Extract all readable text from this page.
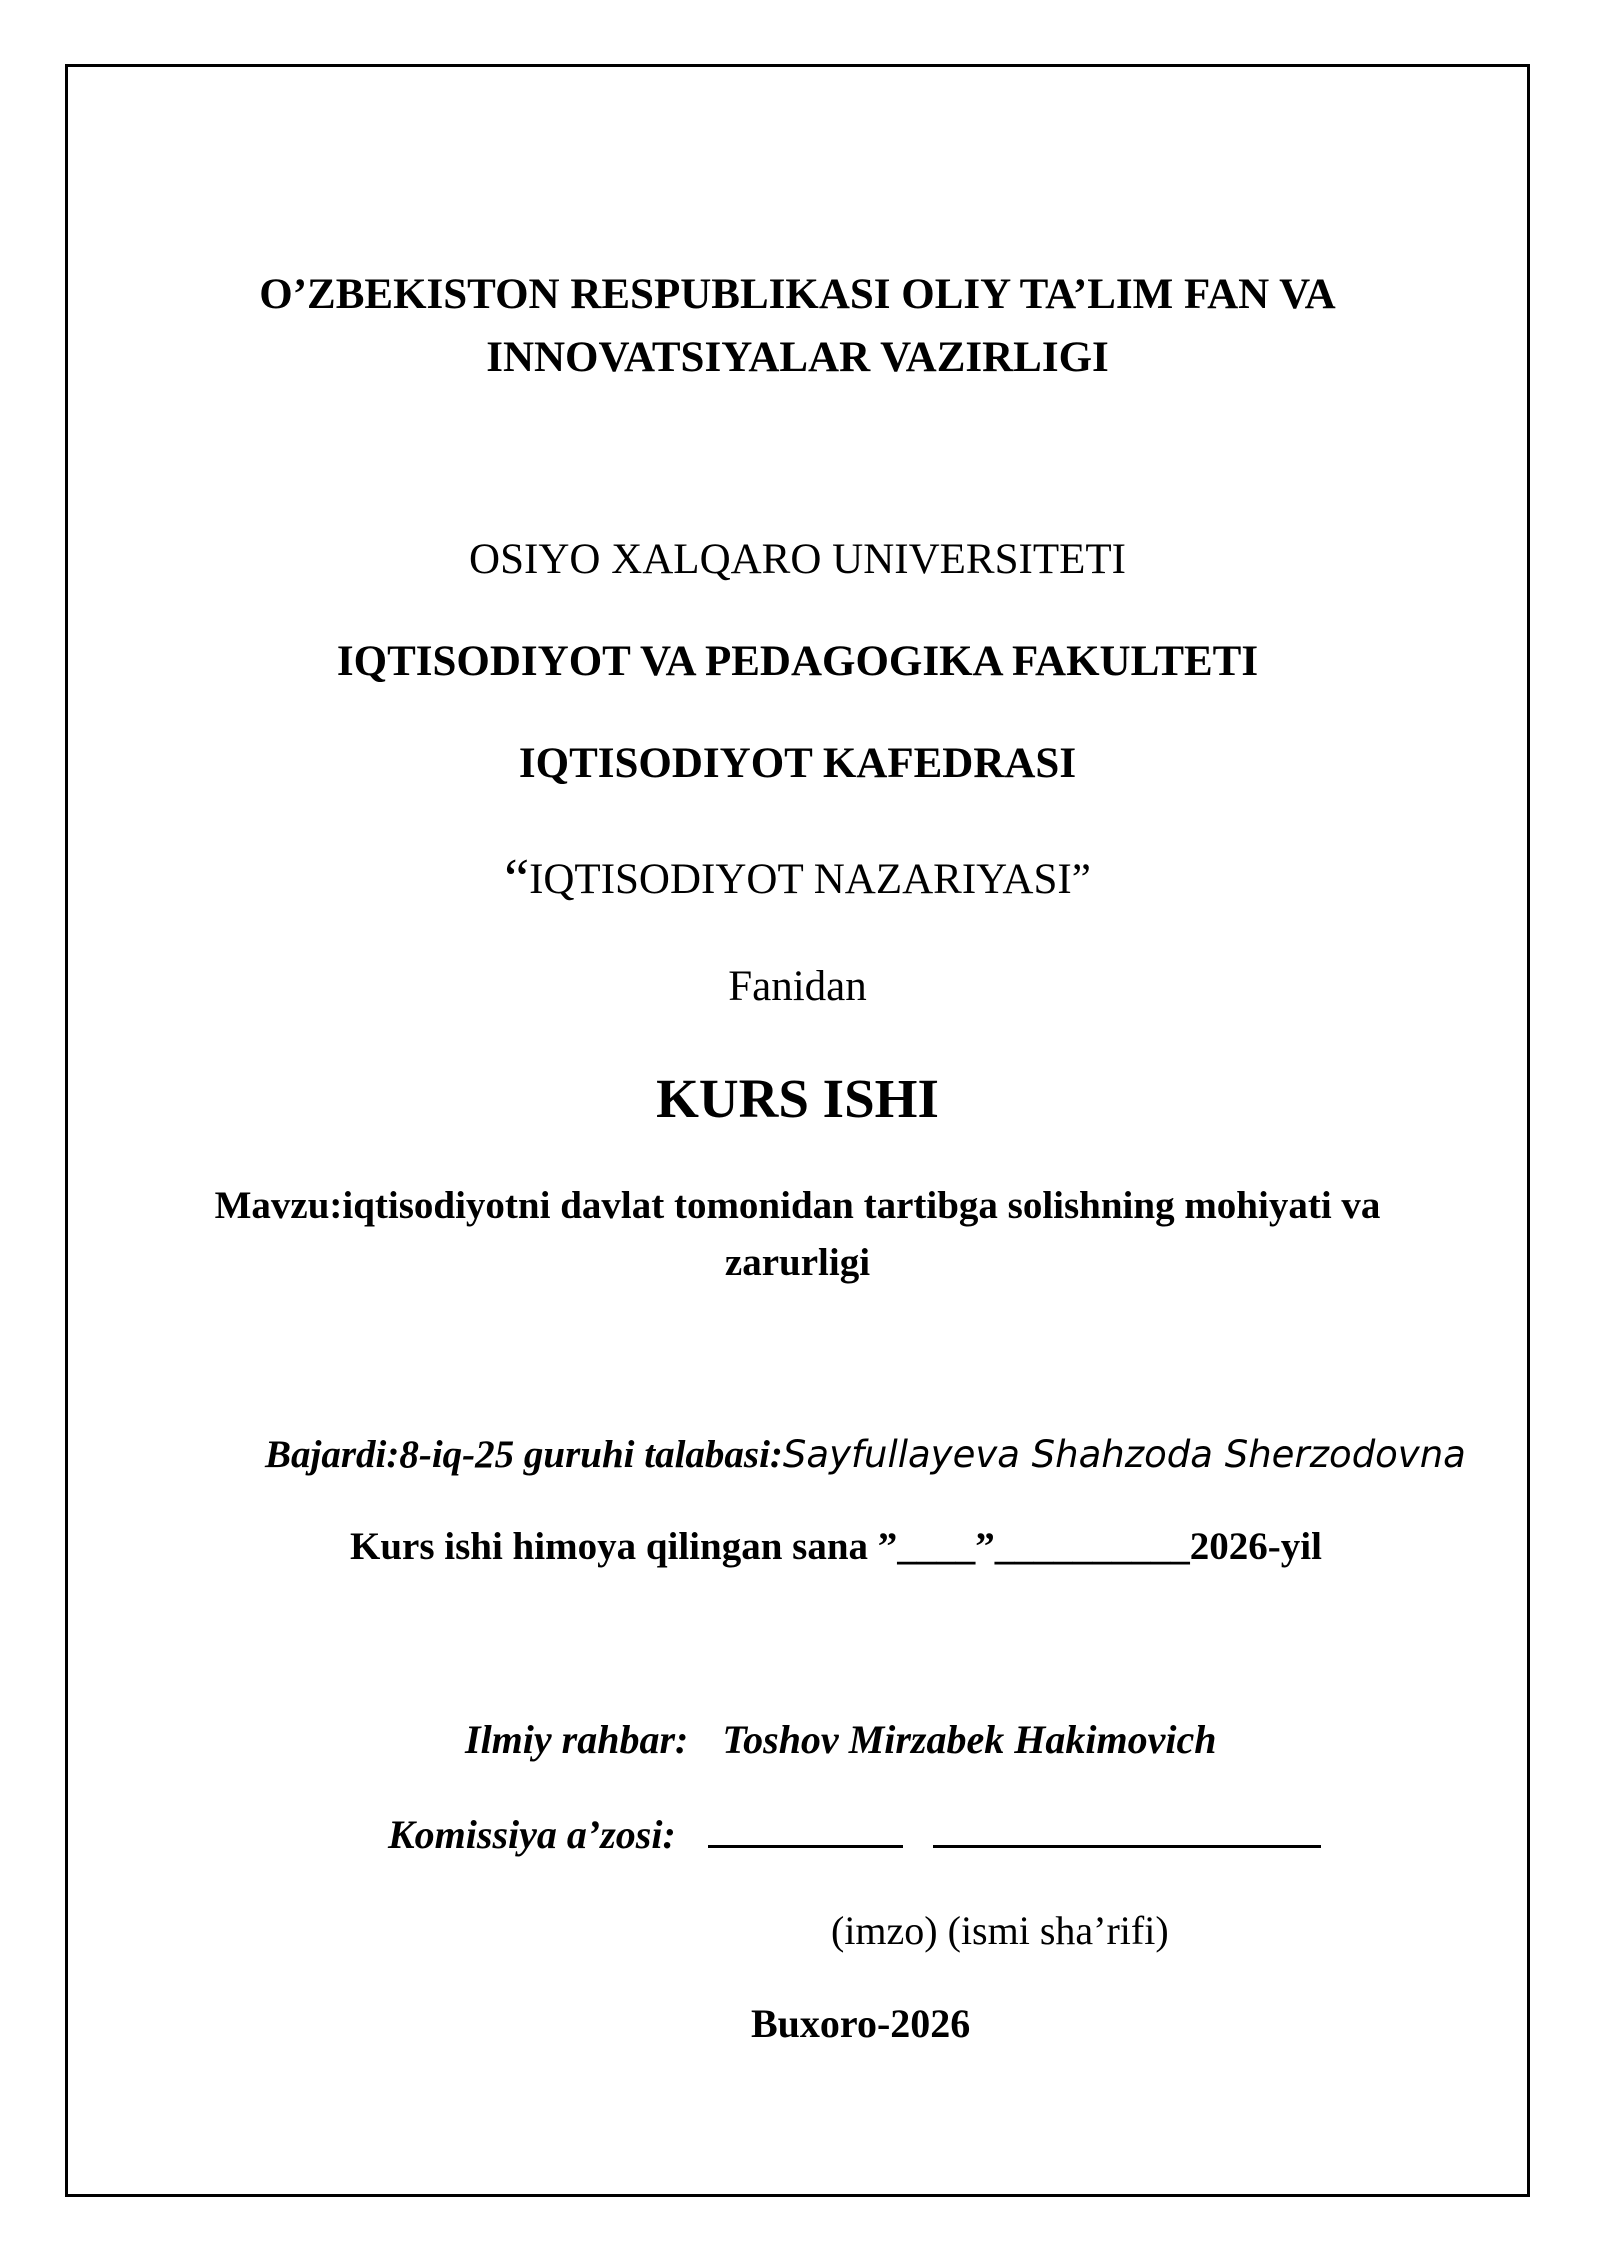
O’ZBEKISTON RESPUBLIKASI OLIY TA’LIM FAN VA
INNOVATSIYALAR VAZIRLIGI
OSIYO XALQARO UNIVERSITETI
IQTISODIYOT VA PEDAGOGIKA FAKULTETI
IQTISODIYOT KAFEDRASI
“IQTISODIYOT NAZARIYASI”
Fanidan
KURS ISHI
Mavzu:iqtisodiyotni davlat tomonidan tartibga solishning mohiyati va
zarurligi
Bajardi:8-iq-25 guruhi talabasi:Sayfullayeva Shahzoda Sherzodovna
Kurs ishi himoya qilingan sana ”____”__________2026-yil
Ilmiy rahbar: Toshov Mirzabek Hakimovich
Komissiya a’zosi:
(imzo) (ismi sha’rifi)
Buxoro-2026
